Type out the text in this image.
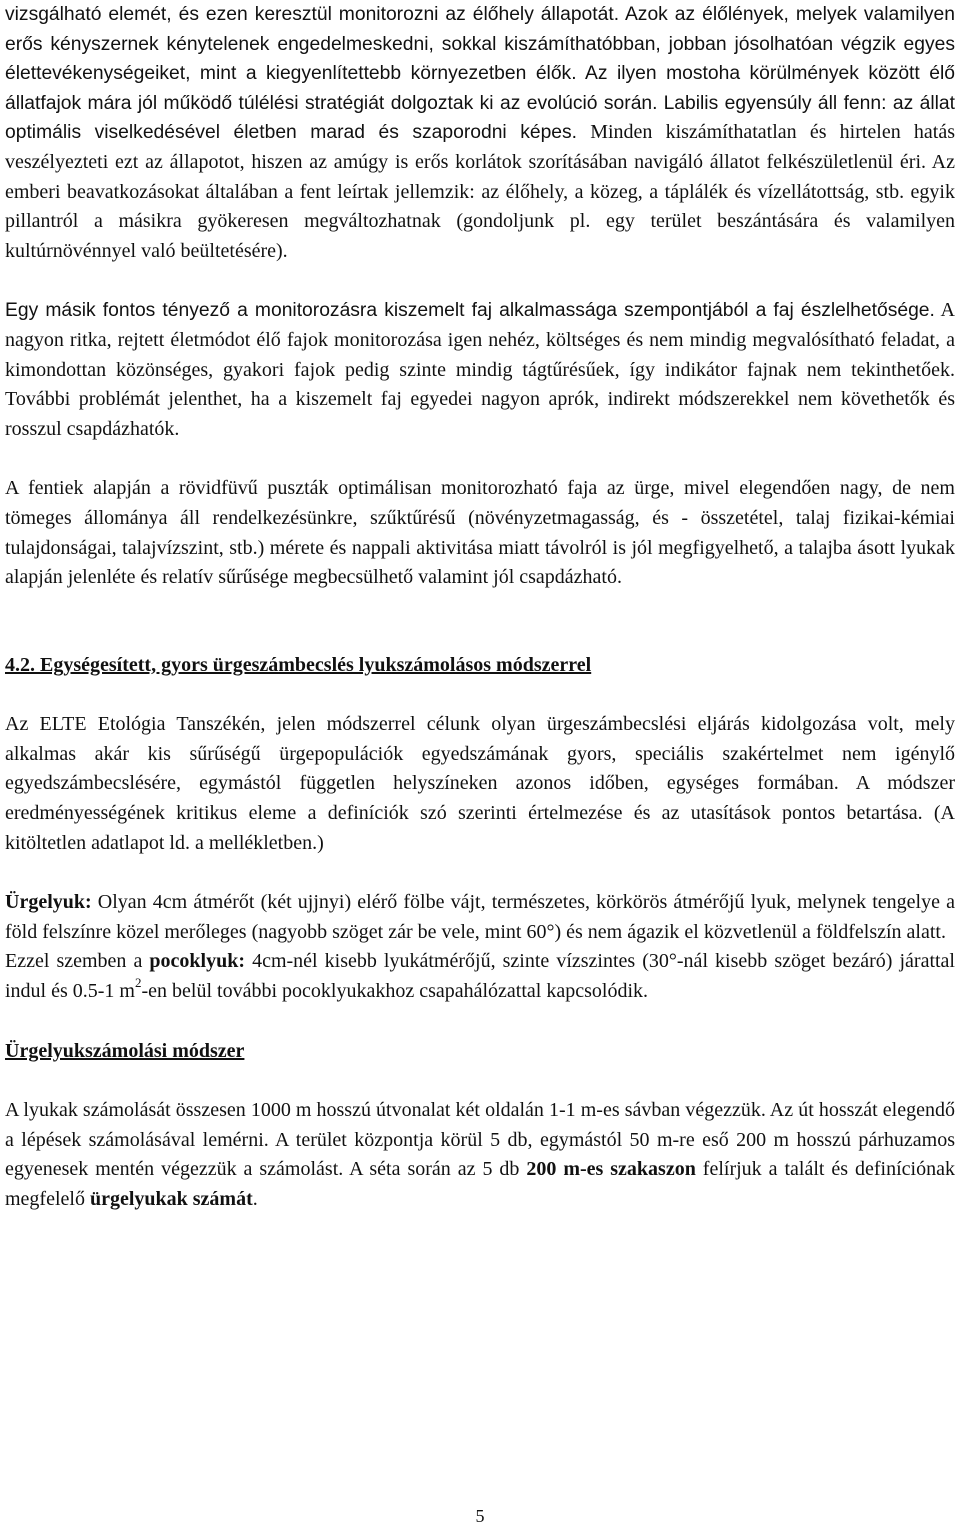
vizsgálható elemét, és ezen keresztül monitorozni az élőhely állapotát. Azok az élőlények, melyek valamilyen erős kényszernek kénytelenek engedelmeskedni, sokkal kiszámíthatóbban, jobban jósolhatóan végzik egyes élettevékenységeiket, mint a kiegyenlítettebb környezetben élők. Az ilyen mostoha körülmények között élő állatfajok mára jól működő túlélési stratégiát dolgoztak ki az evolúció során. Labilis egyensúly áll fenn: az állat optimális viselkedésével életben marad és szaporodni képes. Minden kiszámíthatatlan és hirtelen hatás veszélyezteti ezt az állapotot, hiszen az amúgy is erős korlátok szorításában navigáló állatot felkészületlenül éri. Az emberi beavatkozásokat általában a fent leírtak jellemzik: az élőhely, a közeg, a táplálék és vízellátottság, stb. egyik pillantról a másikra gyökeresen megváltozhatnak (gondoljunk pl. egy terület beszántására és valamilyen kultúrnövénnyel való beültetésére).

Egy másik fontos tényező a monitorozásra kiszemelt faj alkalmassága szempontjából a faj észlelhetősége. A nagyon ritka, rejtett életmódot élő fajok monitorozása igen nehéz, költséges és nem mindig megvalósítható feladat, a kimondottan közönséges, gyakori fajok pedig szinte mindig tágtűrésűek, így indikátor fajnak nem tekinthetőek. További problémát jelenthet, ha a kiszemelt faj egyedei nagyon aprók, indirekt módszerekkel nem követhetők és rosszul csapdázhatók.

A fentiek alapján a rövidfüvű puszták optimálisan monitorozható faja az ürge, mivel elegendően nagy, de nem tömeges állománya áll rendelkezésünkre, szűktűrésű (növényzetmagasság, és - összetétel, talaj fizikai-kémiai tulajdonságai, talajvízszint, stb.) mérete és nappali aktivitása miatt távolról is jól megfigyelhető, a talajba ásott lyukak alapján jelenléte és relatív sűrűsége megbecsülhető valamint jól csapdázható.

4.2. Egységesített, gyors ürgeszámbecslés lyukszámolásos módszerrel

Az ELTE Etológia Tanszékén, jelen módszerrel célunk olyan ürgeszámbecslési eljárás kidolgozása volt, mely alkalmas akár kis sűrűségű ürgepopulációk egyedszámának gyors, speciális szakértelmet nem igénylő egyedszámbecslésére, egymástól független helyszíneken azonos időben, egységes formában. A módszer eredményességének kritikus eleme a definíciók szó szerinti értelmezése és az utasítások pontos betartása. (A kitöltetlen adatlapot ld. a mellékletben.)

Ürgelyuk: Olyan 4cm átmérőt (két ujjnyi) elérő fölbe vájt, természetes, körkörös átmérőjű lyuk, melynek tengelye a föld felszínre közel merőleges (nagyobb szöget zár be vele, mint 60°) és nem ágazik el közvetlenül a földfelszín alatt.

Ezzel szemben a pocoklyuk: 4cm-nél kisebb lyukátmérőjű, szinte vízszintes (30°-nál kisebb szöget bezáró) járattal indul és 0.5-1 $m^2-en$ belül további pocoklyukakhoz csapahálózattal kapcsolódik.

Ürgelyukszámolási módszer

A lyukak számolását összesen 1000 m hosszú útvonalat két oldalán 1-1 m-es sávban végezzük. Az út hosszát elegendő a lépések számolásával lemérni. A terület központja körül 5 db, egymástól 50 m-re eső 200 m hosszú párhuzamos egyenesek mentén végezzük a számolást. A séta során az 5 db 200 m-es szakaszon felírjuk a talált és definíciónak megfelelő ürgelyukak számát.

5
